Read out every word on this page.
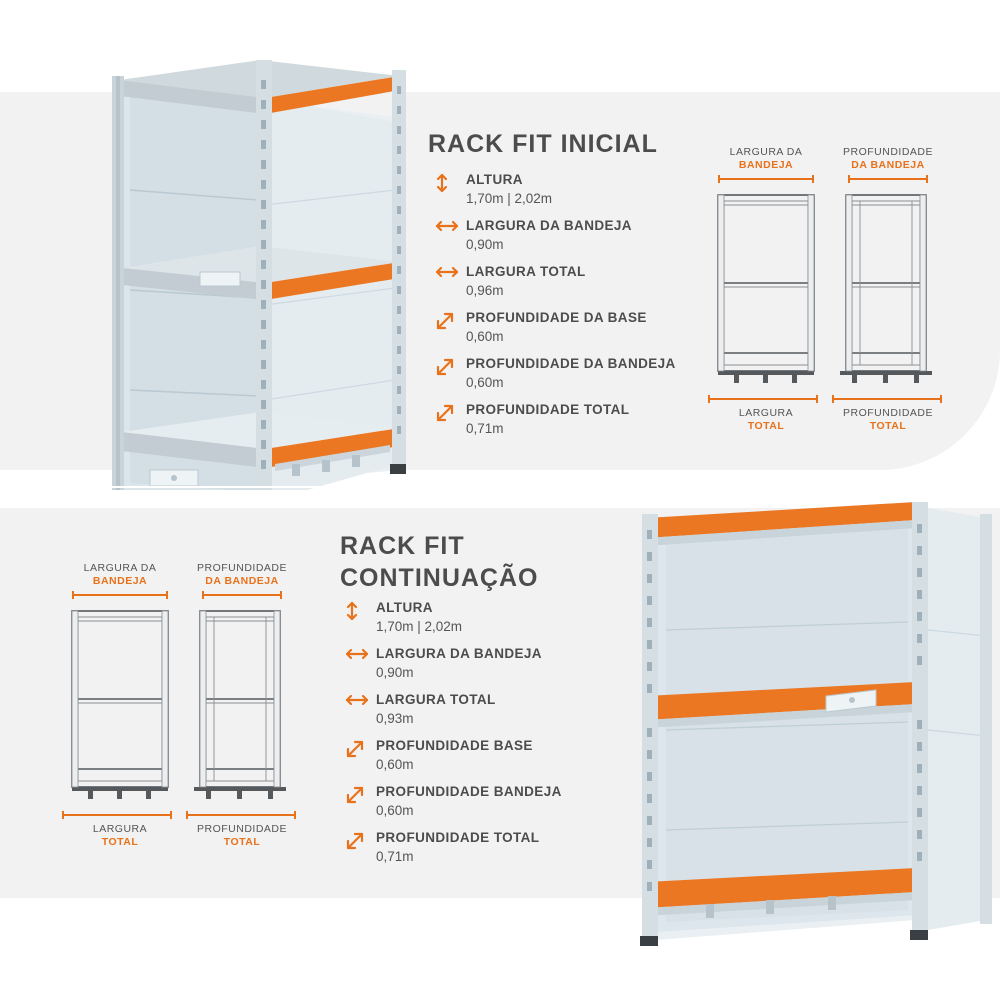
RACK FIT INICIAL
ALTURA
1,70m | 2,02m
LARGURA DA BANDEJA
0,90m
LARGURA TOTAL
0,96m
PROFUNDIDADE DA BASE
0,60m
PROFUNDIDADE DA BANDEJA
0,60m
PROFUNDIDADE TOTAL
0,71m
LARGURA DA
BANDEJA
LARGURA
TOTAL
PROFUNDIDADE
DA BANDEJA
PROFUNDIDADE
TOTAL
LARGURA DA
BANDEJA
LARGURA
TOTAL
PROFUNDIDADE
DA BANDEJA
PROFUNDIDADE
TOTAL
RACK FIT
CONTINUAÇÃO
ALTURA
1,70m | 2,02m
LARGURA DA BANDEJA
0,90m
LARGURA TOTAL
0,93m
PROFUNDIDADE BASE
0,60m
PROFUNDIDADE BANDEJA
0,60m
PROFUNDIDADE TOTAL
0,71m
